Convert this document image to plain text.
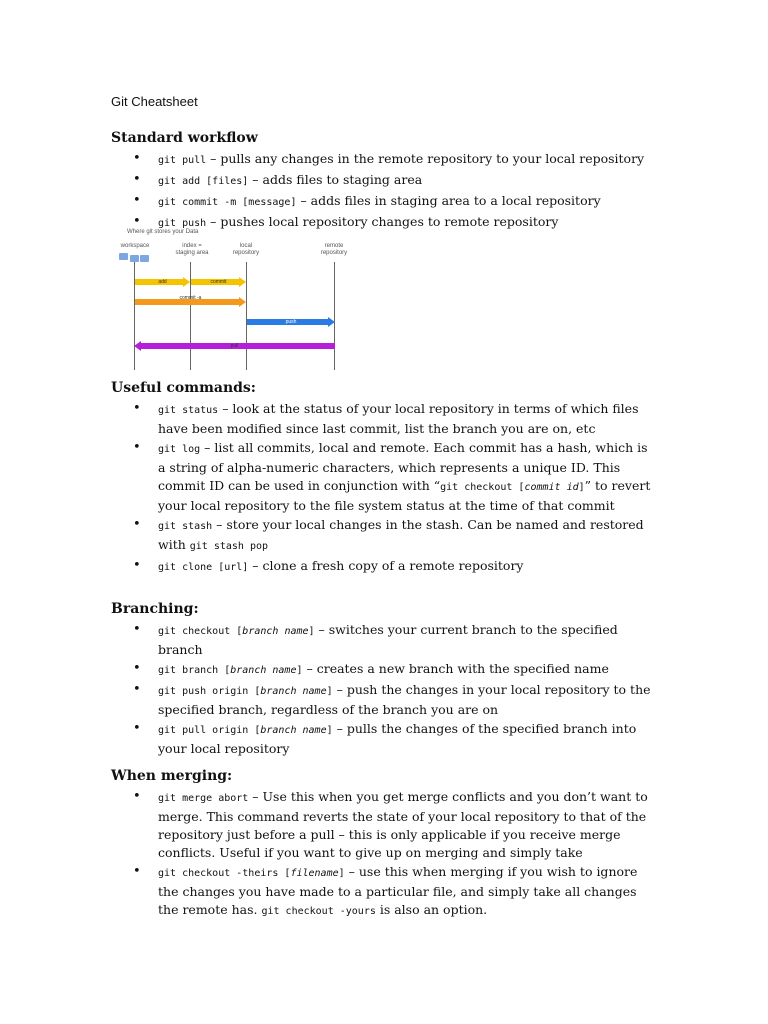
Git Cheatsheet
Standard workflow
• git pull – pulls any changes in the remote repository to your local repository
• git add [files] – adds files to staging area
• git commit -m [message] – adds files in staging area to a local repository
• git push – pushes local repository changes to remote repository
Where git stores your Data
workspace	index = staging area
local repository
remote repository
add	commit
commit -a
push
pull
Useful commands:
• git status – look at the status of your local repository in terms of which files have been modified since last commit, list the branch you are on, etc
• git log – list all commits, local and remote. Each commit has a hash, which is a string of alpha-numeric characters, which represents a unique ID. This commit ID can be used in conjunction with “git checkout [commit id]” to revert your local repository to the file system status at the time of that commit
• git stash – store your local changes in the stash. Can be named and restored with git stash pop
• git clone [url] – clone a fresh copy of a remote repository
Branching:
• git checkout [branch name] – switches your current branch to the specified branch
• git branch [branch name] – creates a new branch with the specified name
• git push origin [branch name] – push the changes in your local repository to the specified branch, regardless of the branch you are on
• git pull origin [branch name] – pulls the changes of the specified branch into your local repository
When merging:
• git merge abort – Use this when you get merge conflicts and you don’t want to merge. This command reverts the state of your local repository to that of the repository just before a pull – this is only applicable if you receive merge conflicts. Useful if you want to give up on merging and simply take
• git checkout -theirs [filename] – use this when merging if you wish to ignore the changes you have made to a particular file, and simply take all changes the remote has. git checkout -yours is also an option.
